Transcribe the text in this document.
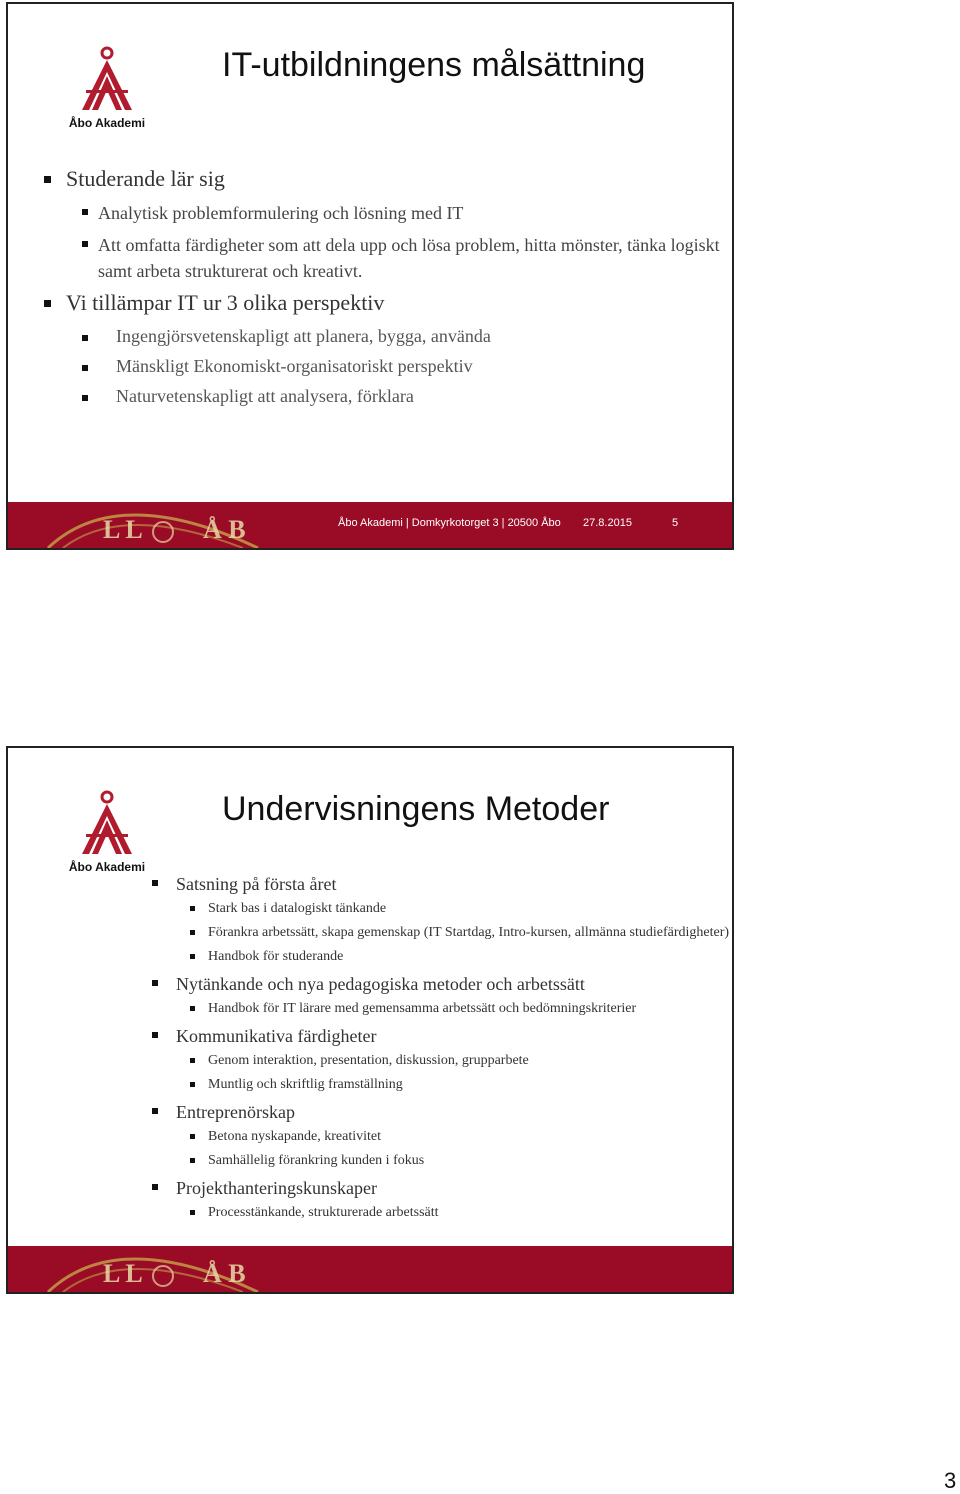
Åbo Akademi
IT-utbildningens målsättning
Studerande lär sig
Analytisk problemformulering och lösning med IT
Att omfatta färdigheter som att dela upp och lösa problem, hitta mönster, tänka logiskt samt arbeta strukturerat och kreativt.
Vi tillämpar IT ur 3 olika perspektiv
Ingengjörsvetenskapligt att planera, bygga, använda
Mänskligt Ekonomiskt-organisatoriskt perspektiv
Naturvetenskapligt att analysera, förklara
L L Å B	Åbo Akademi | Domkyrkotorget 3 | 20500 Åbo 27.8.2015	5
Åbo Akademi
Undervisningens Metoder
Satsning på första året
Stark bas i datalogiskt tänkande
Förankra arbetssätt, skapa gemenskap (IT Startdag, Intro-kursen, allmänna studiefärdigheter)
Handbok för studerande
Nytänkande och nya pedagogiska metoder och arbetssätt
Handbok för IT lärare med gemensamma arbetssätt och bedömningskriterier
Kommunikativa färdigheter
Genom interaktion, presentation, diskussion, grupparbete
Muntlig och skriftlig framställning
Entreprenörskap
Betona nyskapande, kreativitet
Samhällelig förankring kunden i fokus
Projekthanteringskunskaper
Processtänkande, strukturerade arbetssätt
L L Å B
3
